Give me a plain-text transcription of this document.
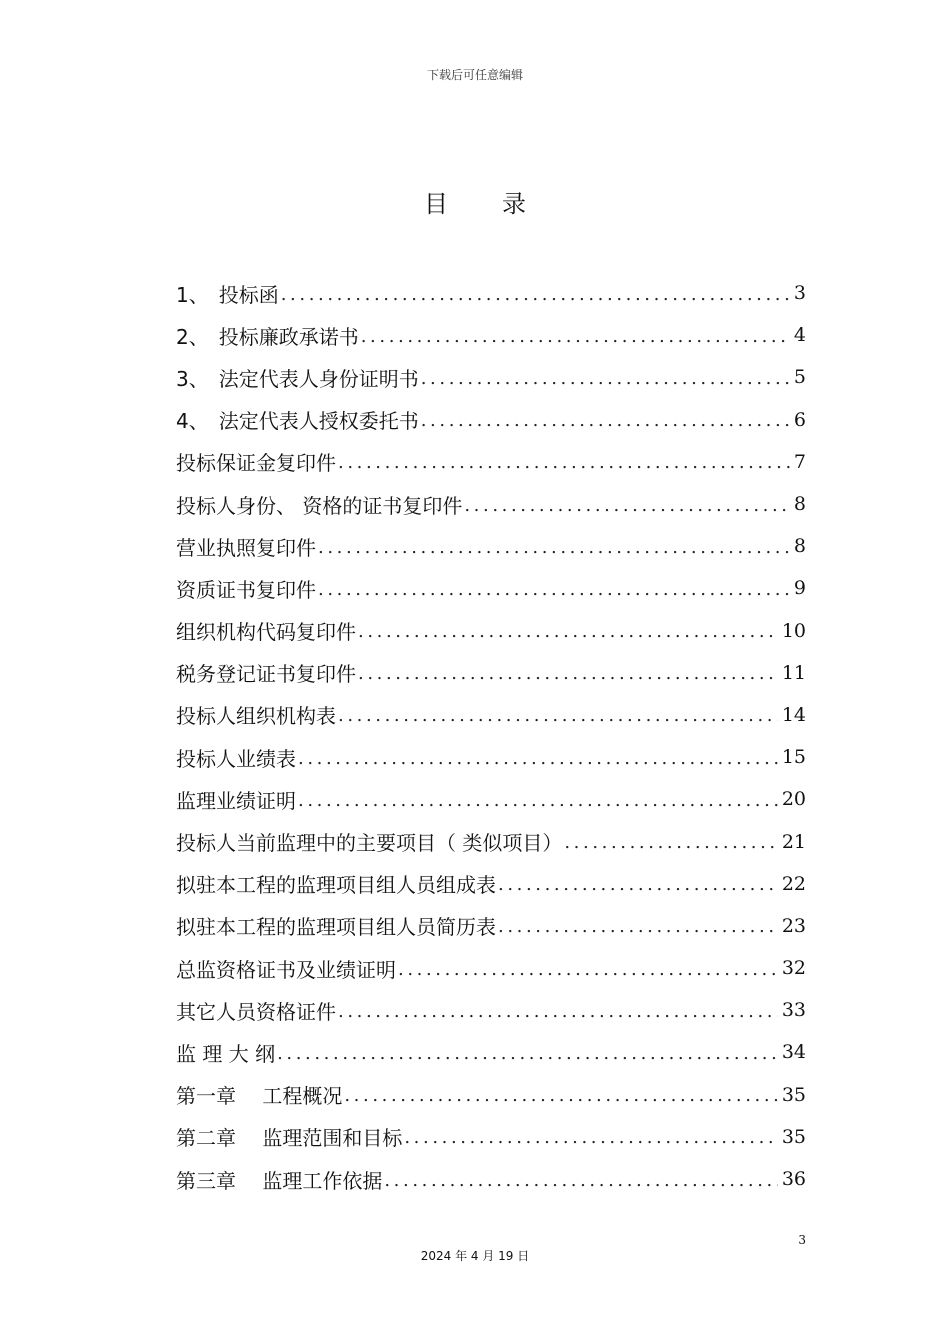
下载后可任意编辑
目录
1、　投标函 .....	3
2、　投标廉政承诺书 .....	4
3、　法定代表人身份证明书 .....	5
4、　法定代表人授权委托书 .....	6
投标保证金复印件 .....	7
投标人身份、 资格的证书复印件 .....	8
营业执照复印件 .....	8
资质证书复印件 .....	9
组织机构代码复印件 .....	10
税务登记证书复印件 .....	11
投标人组织机构表 .....	14
投标人业绩表 .....	15
监理业绩证明 .....	20
投标人当前监理中的主要项目（ 类似项目） .....	21
拟驻本工程的监理项目组人员组成表 .....	22
拟驻本工程的监理项目组人员简历表 .....	23
总监资格证书及业绩证明 .....	32
其它人员资格证件 .....	33
监 理 大 纲 .....	34
第一章　 工程概况 .....	35
第二章　 监理范围和目标 .....	35
第三章　 监理工作依据 .....	36
3
2024 年 4 月 19 日
